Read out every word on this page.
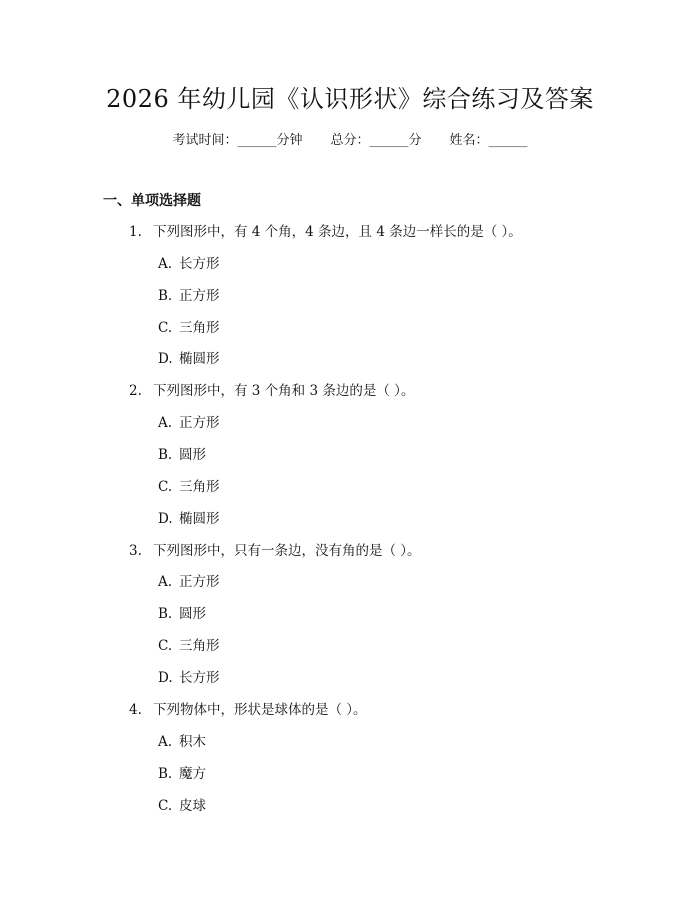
2026 年幼儿园《认识形状》综合练习及答案
考试时间：______分钟 总分：______分 姓名：______
一、单项选择题
1. 下列图形中，有 4 个角，4 条边，且 4 条边一样长的是（ ）。
A. 长方形
B. 正方形
C. 三角形
D. 椭圆形
2. 下列图形中，有 3 个角和 3 条边的是（ ）。
A. 正方形
B. 圆形
C. 三角形
D. 椭圆形
3. 下列图形中，只有一条边，没有角的是（ ）。
A. 正方形
B. 圆形
C. 三角形
D. 长方形
4. 下列物体中，形状是球体的是（ ）。
A. 积木
B. 魔方
C. 皮球
